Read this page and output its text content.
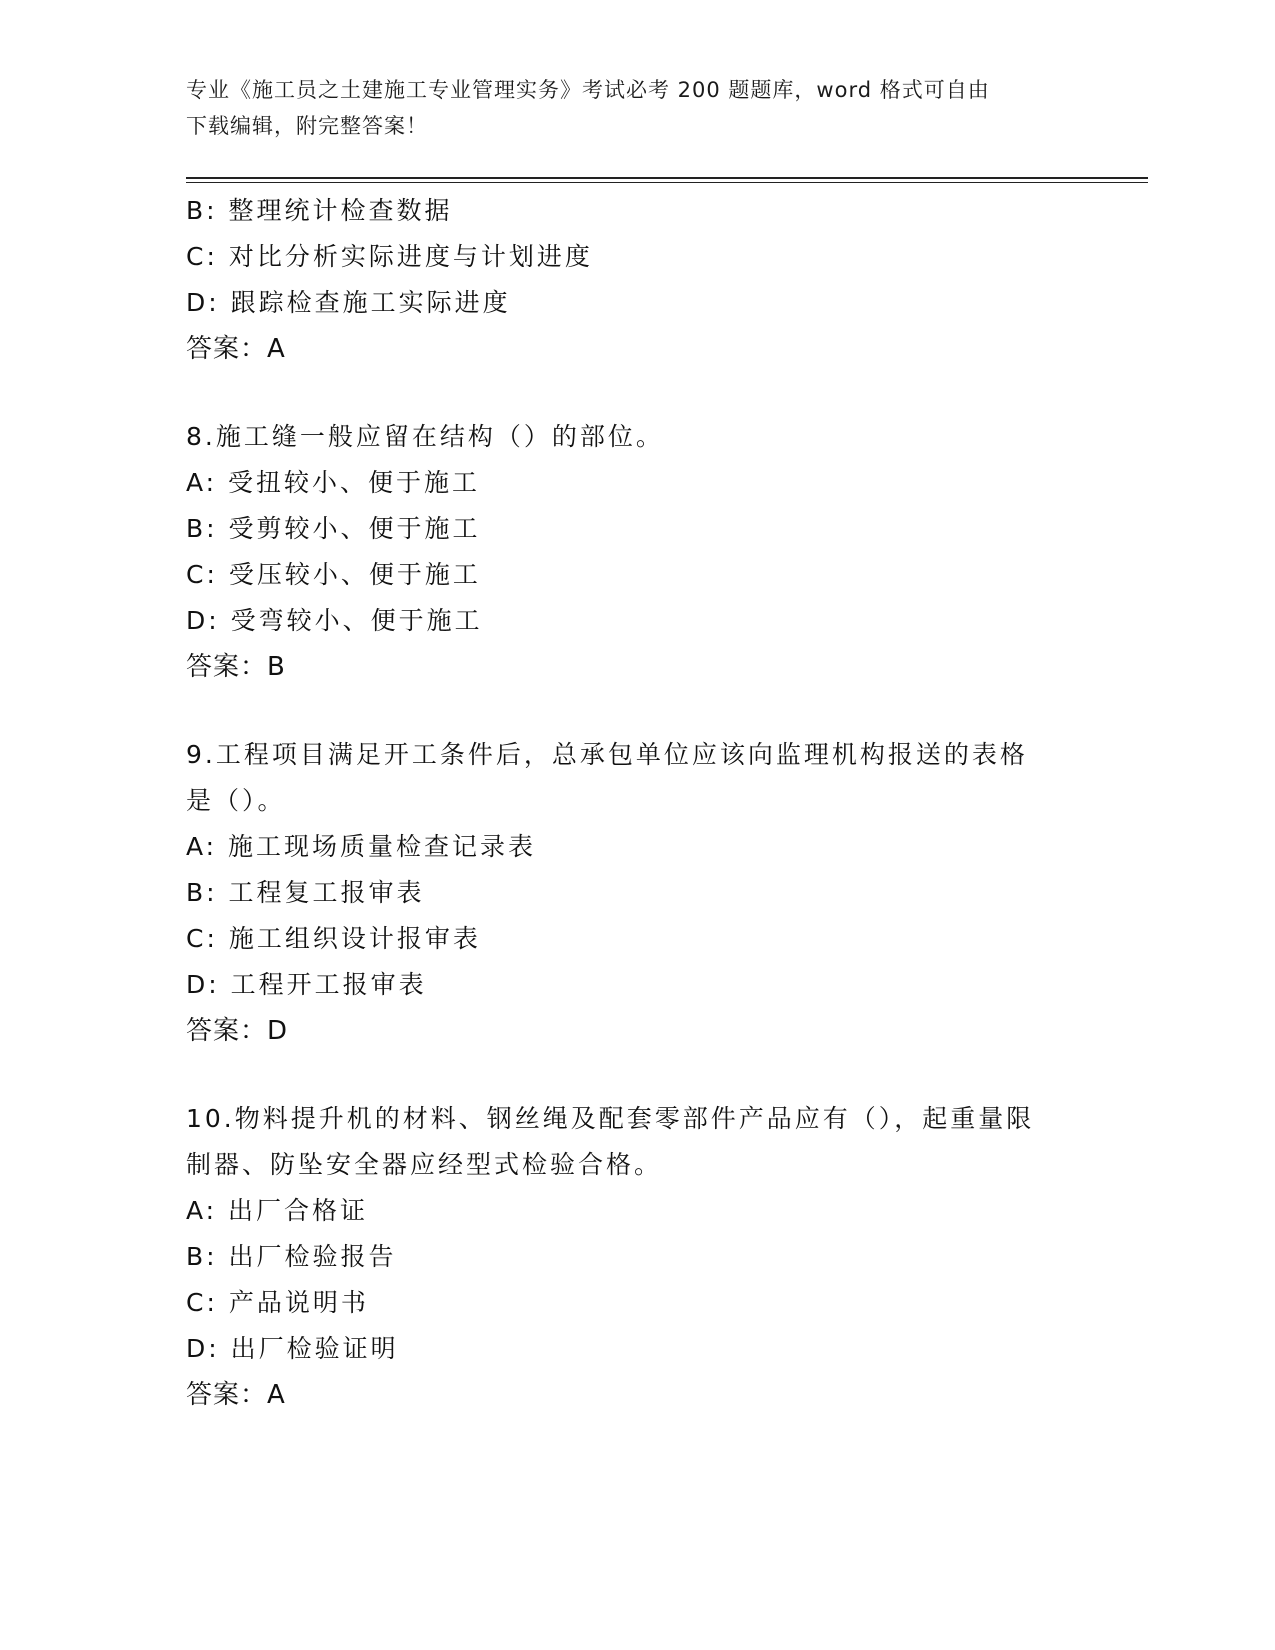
专业《施工员之土建施工专业管理实务》考试必考 200 题题库，word 格式可自由
下载编辑，附完整答案！
B: 整理统计检查数据
C: 对比分析实际进度与计划进度
D: 跟踪检查施工实际进度
答案：A
8.施工缝一般应留在结构（）的部位。
A: 受扭较小、便于施工
B: 受剪较小、便于施工
C: 受压较小、便于施工
D: 受弯较小、便于施工
答案：B
9.工程项目满足开工条件后，总承包单位应该向监理机构报送的表格
是（）。
A: 施工现场质量检查记录表
B: 工程复工报审表
C: 施工组织设计报审表
D: 工程开工报审表
答案：D
10.物料提升机的材料、钢丝绳及配套零部件产品应有（），起重量限
制器、防坠安全器应经型式检验合格。
A: 出厂合格证
B: 出厂检验报告
C: 产品说明书
D: 出厂检验证明
答案：A
